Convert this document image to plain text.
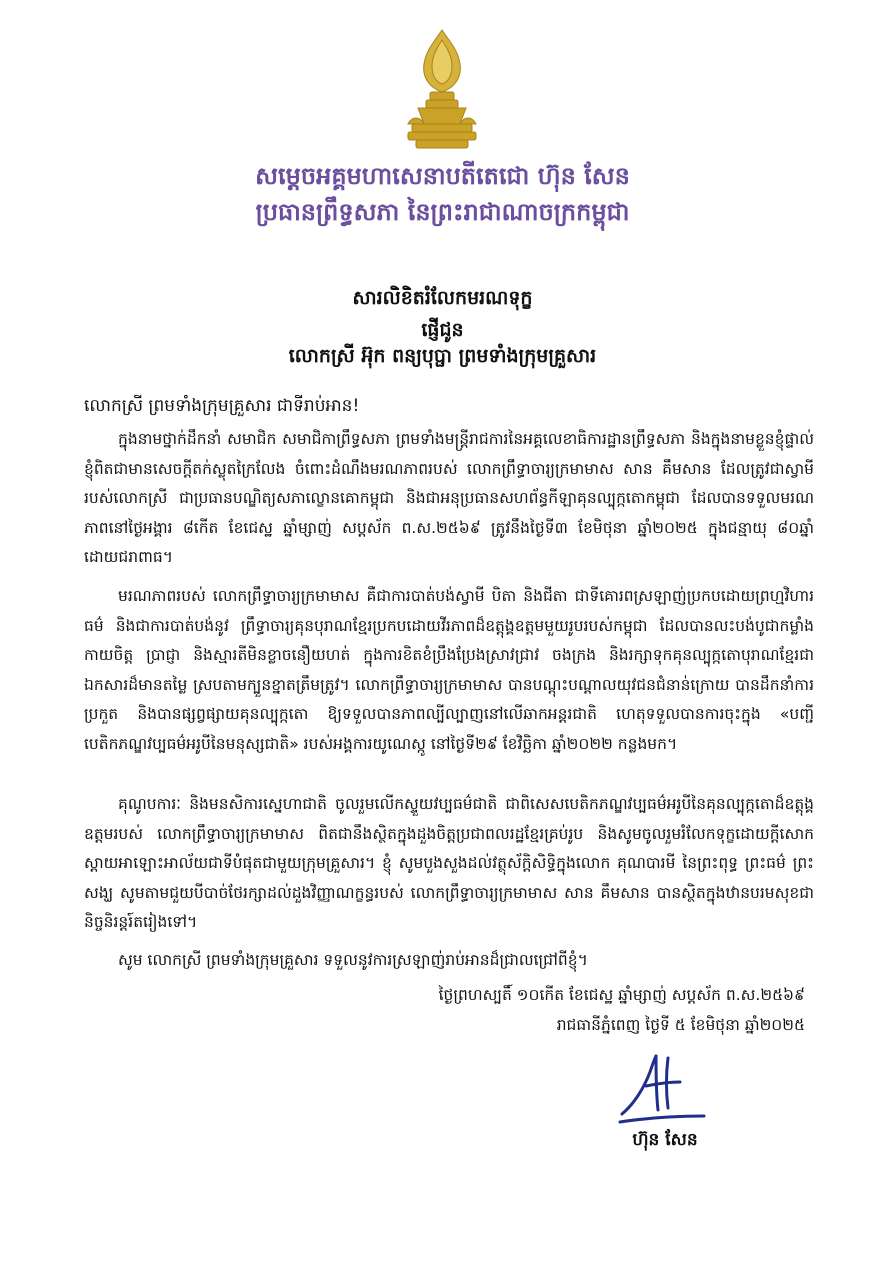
សម្ដេចអគ្គមហាសេនាបតីតេជោ ហ៊ុន សែន
ប្រធានព្រឹទ្ធសភា នៃព្រះរាជាណាចក្រកម្ពុជា
សារលិខិតរំលែកមរណទុក្ខ
ផ្ញើជូន
លោកស្រី អ៊ុក ពន្យបុប្ផា ព្រមទាំងក្រុមគ្រួសារ
លោកស្រី ព្រមទាំងក្រុមគ្រួសារ ជាទីរាប់អាន!

ក្នុងនាមថ្នាក់ដឹកនាំ សមាជិក សមាជិកាព្រឹទ្ធសភា ព្រមទាំងមន្ត្រីរាជការនៃអគ្គលេខាធិការដ្ឋានព្រឹទ្ធសភា និងក្នុងនាមខ្លួនខ្ញុំផ្ទាល់ ខ្ញុំពិតជាមានសេចក្តីតក់ស្លុតក្រៃលែង ចំពោះដំណឹងមរណភាពរបស់ លោកព្រឹទ្ធាចារ្យក្រមាមាស សាន គឹមសាន ដែលត្រូវជាស្វាមីរបស់លោកស្រី ជាប្រធានបណ្ឌិត្យសភាល្ខោនគោកម្ពុជា និងជាអនុប្រធានសហព័ន្ធកីឡាគុនល្បុក្កតោកម្ពុជា ដែលបានទទួលមរណភាពនៅថ្ងៃអង្គារ ៨កើត ខែជេស្ឋ ឆ្នាំម្សាញ់ សប្តស័ក ព.ស.២៥៦៩ ត្រូវនឹងថ្ងៃទី៣ ខែមិថុនា ឆ្នាំ២០២៥ ក្នុងជន្មាយុ ៨០ឆ្នាំ ដោយជរាពាធ។

មរណភាពរបស់ លោកព្រឹទ្ធាចារ្យក្រមាមាស គឺជាការបាត់បង់ស្វាមី បិតា និងជីតា ជាទីគោរពស្រឡាញ់ប្រកបដោយព្រហ្មវិហារធម៌ និងជាការបាត់បង់នូវ ព្រឹទ្ធាចារ្យគុនបុរាណខ្មែរប្រកបដោយវីរភាពដ៏ឧត្តុង្គឧត្តមមួយរូបរបស់កម្ពុជា ដែលបានលះបង់បូជាកម្លាំងកាយចិត្ត ប្រាជ្ញា និងស្មារតីមិនខ្លាចនឿយហត់ ក្នុងការខិតខំប្រឹងប្រែងស្រាវជ្រាវ ចងក្រង និងរក្សាទុកគុនល្បុក្កតោបុរាណខ្មែរជាឯកសារដ៏មានតម្លៃ ស្របតាមក្បួនខ្នាតត្រឹមត្រូវ។ លោកព្រឹទ្ធាចារ្យក្រមាមាស បានបណ្តុះបណ្តាលយុវជនជំនាន់ក្រោយ បានដឹកនាំការប្រកួត និងបានផ្សព្វផ្សាយគុនល្បុក្កតោ ឱ្យទទួលបានភាពល្បីល្បាញនៅលើឆាកអន្តរជាតិ ហេតុទទួលបានការចុះក្នុង «បញ្ជីបេតិកភណ្ឌវប្បធម៌អរូបីនៃមនុស្សជាតិ» របស់អង្គការយូណេស្កូ នៅថ្ងៃទី២៩ ខែវិច្ឆិកា ឆ្នាំ២០២២ កន្លងមក។

គុណូបការៈ និងមនសិការស្នេហាជាតិ ចូលរួមលើកស្ទួយវប្បធម៌ជាតិ ជាពិសេសបេតិកភណ្ឌវប្បធម៌អរូបីនៃគុនល្បុក្កតោដ៏ឧត្តុង្គឧត្តមរបស់ លោកព្រឹទ្ធាចារ្យក្រមាមាស ពិតជានឹងស្ថិតក្នុងដួងចិត្តប្រជាពលរដ្ឋខ្មែរគ្រប់រូប និងសូមចូលរួមរំលែកទុក្ខដោយក្តីសោកស្តាយអាឡោះអាល័យជាទីបំផុតជាមួយក្រុមគ្រួសារ។ ខ្ញុំ សូមបួងសួងដល់វត្ថុស័ក្តិសិទ្ធិក្នុងលោក គុណបារមី នៃព្រះពុទ្ធ ព្រះធម៌ ព្រះសង្ឃ សូមតាមជួយបីបាច់ថែរក្សាដល់ដួងវិញ្ញាណក្ខន្ធរបស់ លោកព្រឹទ្ធាចារ្យក្រមាមាស សាន គឹមសាន បានស្ថិតក្នុងឋានបរមសុខជានិច្ចនិរន្តរ៍តរៀងទៅ។

សូម លោកស្រី ព្រមទាំងក្រុមគ្រួសារ ទទួលនូវការស្រឡាញ់រាប់អានដ៏ជ្រាលជ្រៅពីខ្ញុំ។

ថ្ងៃព្រហស្បតិ៍ ១០កើត ខែជេស្ឋ ឆ្នាំម្សាញ់ សប្តស័ក ព.ស.២៥៦៩
រាជធានីភ្នំពេញ ថ្ងៃទី ៥ ខែមិថុនា ឆ្នាំ២០២៥
ហ៊ុន សែន
